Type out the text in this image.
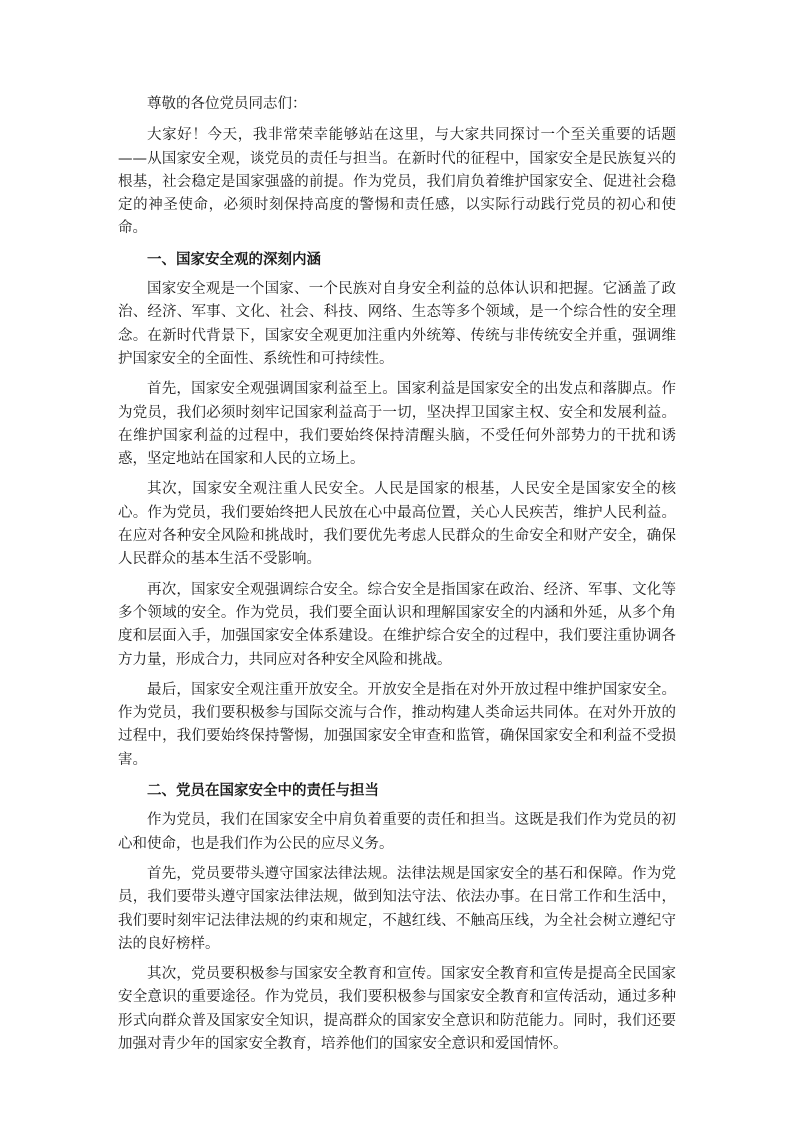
尊敬的各位党员同志们：

大家好！今天，我非常荣幸能够站在这里，与大家共同探讨一个至关重要的话题——从国家安全观，谈党员的责任与担当。在新时代的征程中，国家安全是民族复兴的根基，社会稳定是国家强盛的前提。作为党员，我们肩负着维护国家安全、促进社会稳定的神圣使命，必须时刻保持高度的警惕和责任感，以实际行动践行党员的初心和使命。

一、国家安全观的深刻内涵

国家安全观是一个国家、一个民族对自身安全利益的总体认识和把握。它涵盖了政治、经济、军事、文化、社会、科技、网络、生态等多个领域，是一个综合性的安全理念。在新时代背景下，国家安全观更加注重内外统筹、传统与非传统安全并重，强调维护国家安全的全面性、系统性和可持续性。

首先，国家安全观强调国家利益至上。国家利益是国家安全的出发点和落脚点。作为党员，我们必须时刻牢记国家利益高于一切，坚决捍卫国家主权、安全和发展利益。在维护国家利益的过程中，我们要始终保持清醒头脑，不受任何外部势力的干扰和诱惑，坚定地站在国家和人民的立场上。

其次，国家安全观注重人民安全。人民是国家的根基，人民安全是国家安全的核心。作为党员，我们要始终把人民放在心中最高位置，关心人民疾苦，维护人民利益。在应对各种安全风险和挑战时，我们要优先考虑人民群众的生命安全和财产安全，确保人民群众的基本生活不受影响。

再次，国家安全观强调综合安全。综合安全是指国家在政治、经济、军事、文化等多个领域的安全。作为党员，我们要全面认识和理解国家安全的内涵和外延，从多个角度和层面入手，加强国家安全体系建设。在维护综合安全的过程中，我们要注重协调各方力量，形成合力，共同应对各种安全风险和挑战。

最后，国家安全观注重开放安全。开放安全是指在对外开放过程中维护国家安全。作为党员，我们要积极参与国际交流与合作，推动构建人类命运共同体。在对外开放的过程中，我们要始终保持警惕，加强国家安全审查和监管，确保国家安全和利益不受损害。

二、党员在国家安全中的责任与担当

作为党员，我们在国家安全中肩负着重要的责任和担当。这既是我们作为党员的初心和使命，也是我们作为公民的应尽义务。

首先，党员要带头遵守国家法律法规。法律法规是国家安全的基石和保障。作为党员，我们要带头遵守国家法律法规，做到知法守法、依法办事。在日常工作和生活中，我们要时刻牢记法律法规的约束和规定，不越红线、不触高压线，为全社会树立遵纪守法的良好榜样。

其次，党员要积极参与国家安全教育和宣传。国家安全教育和宣传是提高全民国家安全意识的重要途径。作为党员，我们要积极参与国家安全教育和宣传活动，通过多种形式向群众普及国家安全知识，提高群众的国家安全意识和防范能力。同时，我们还要加强对青少年的国家安全教育，培养他们的国家安全意识和爱国情怀。
